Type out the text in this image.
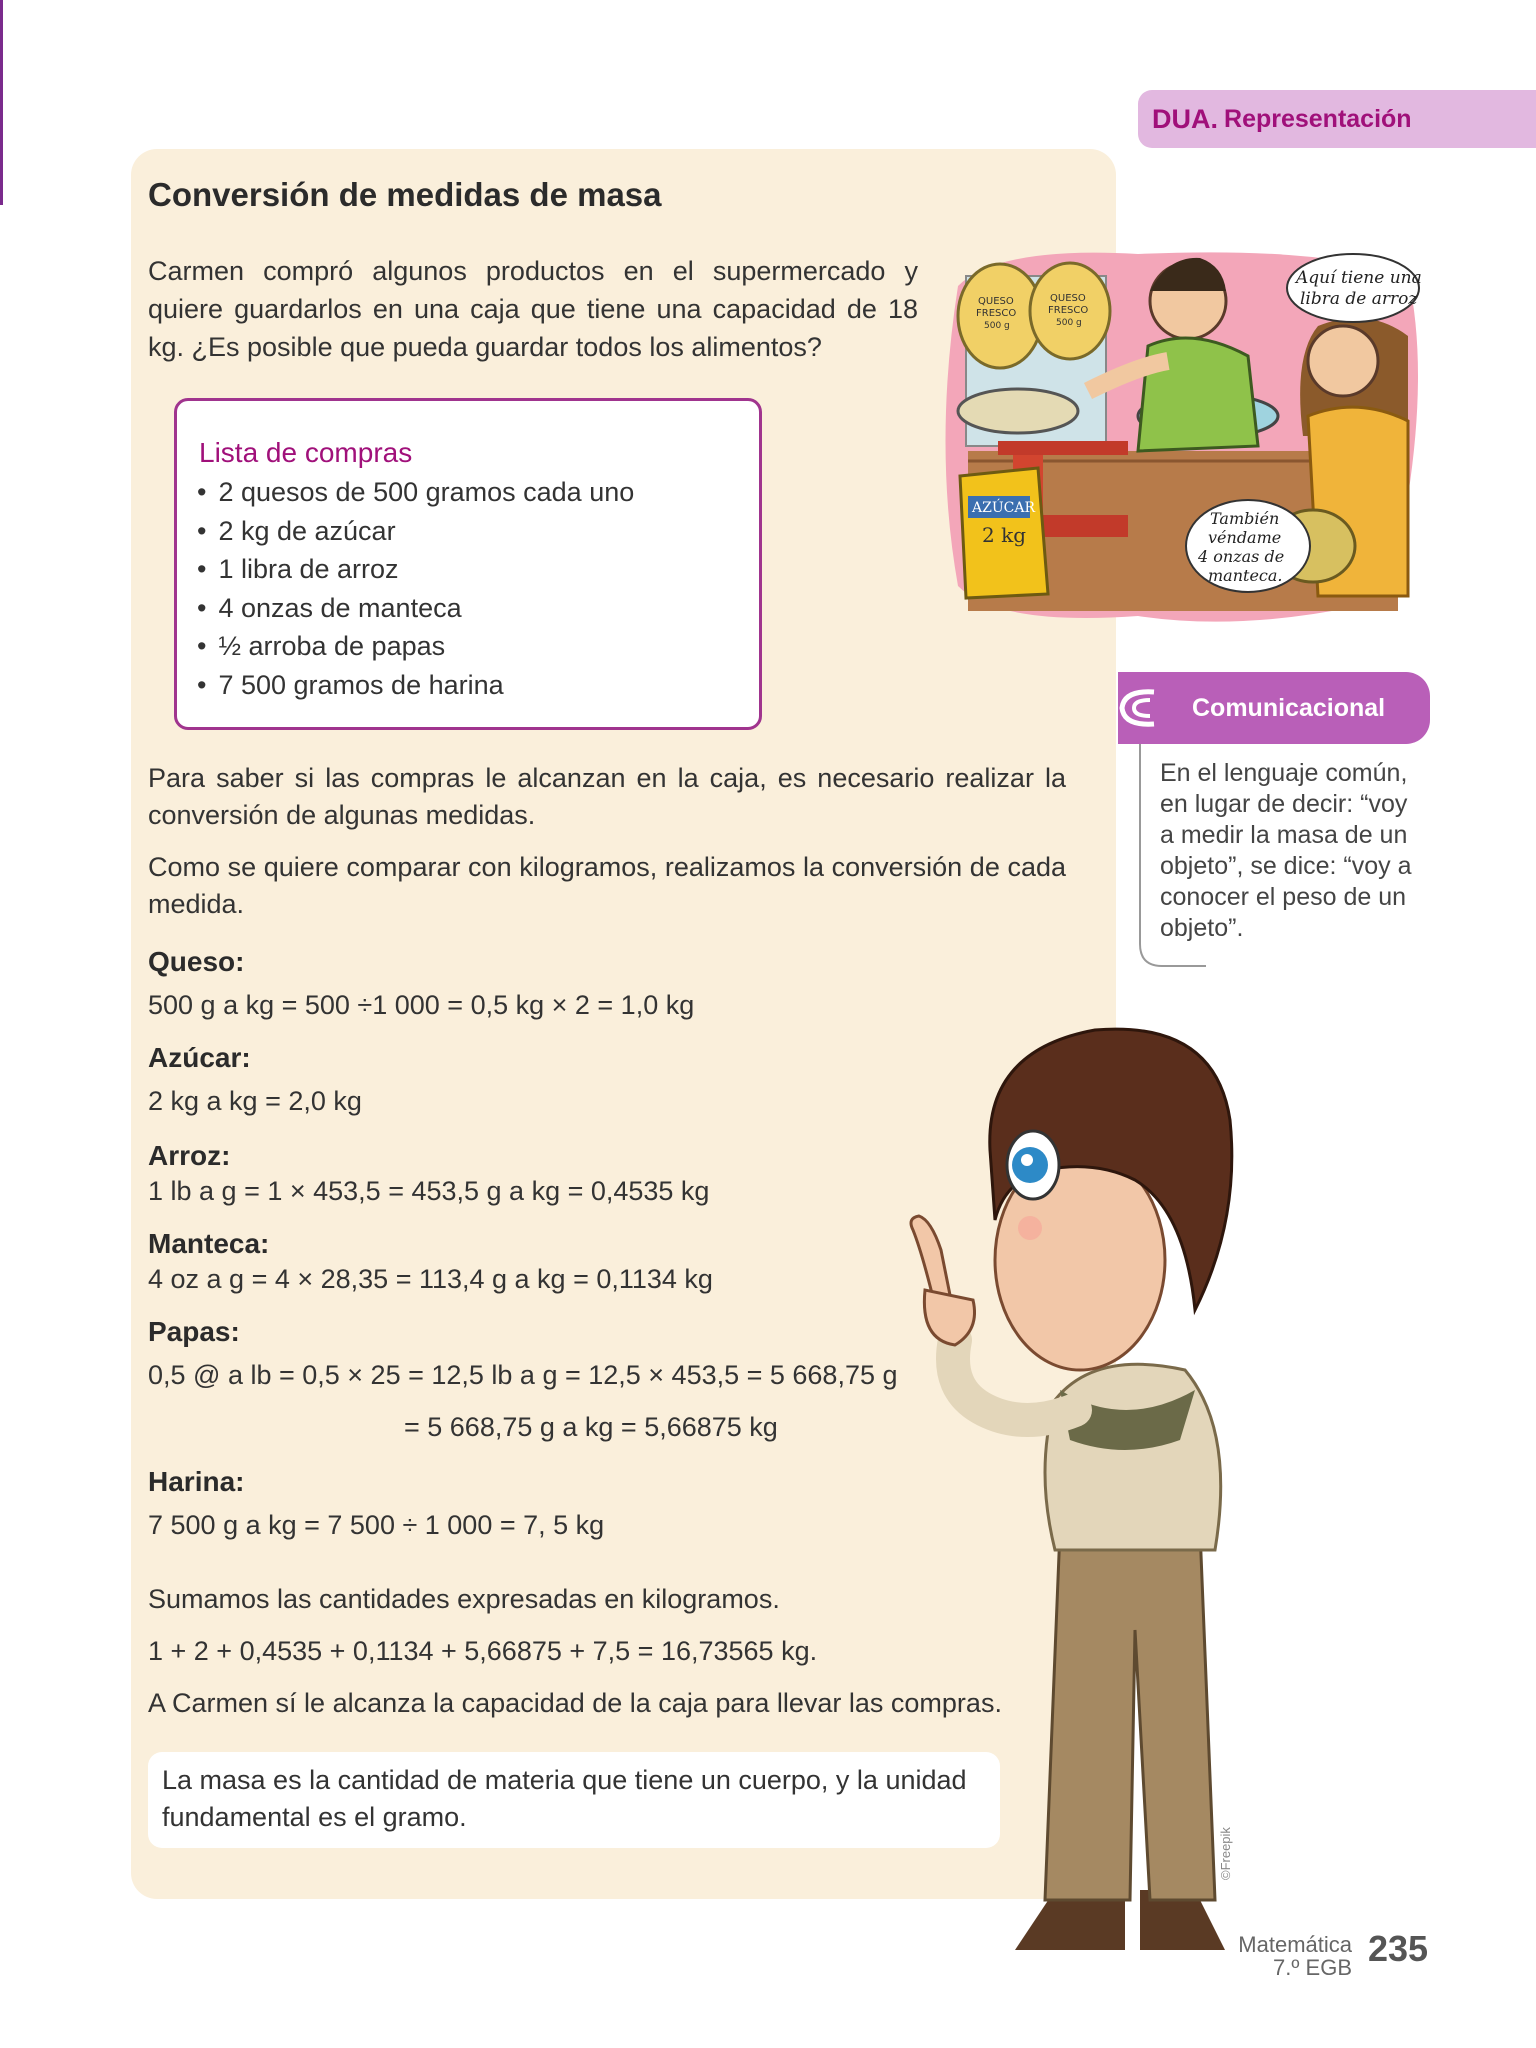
DUA . Representación
Conversión de medidas de masa
Carmen compró algunos productos en el supermercado y quiere guardarlos en una caja que tiene una capacidad de 18 kg. ¿Es posible que pueda guardar todos los alimentos?
Lista de compras
• 2 quesos de 500 gramos cada uno
• 2 kg de azúcar
• 1 libra de arroz
• 4 onzas de manteca
• ½ arroba de papas
• 7 500 gramos de harina
QUESO
FRESCO
500 g
QUESO
FRESCO
500 g
AZÚCAR
2 kg
Aquí tiene una
libra de arroz
También
véndame
4 onzas de
manteca.
Para saber si las compras le alcanzan en la caja, es necesario realizar la conversión de algunas medidas.
Como se quiere comparar con kilogramos, realizamos la conversión de cada medida.
Queso:
500 g a kg = 500 ÷1 000 = 0,5 kg × 2 = 1,0 kg
Azúcar:
2 kg a kg = 2,0 kg
Arroz:
1 lb a g = 1 × 453,5 = 453,5 g a kg = 0,4535 kg
Manteca:
4 oz a g = 4 × 28,35 = 113,4 g a kg = 0,1134 kg
Papas:
0,5 @ a lb = 0,5 × 25 = 12,5 lb a g = 12,5 × 453,5 = 5 668,75 g
= 5 668,75 g a kg = 5,66875 kg
Harina:
7 500 g a kg = 7 500 ÷ 1 000 = 7, 5 kg
Sumamos las cantidades expresadas en kilogramos.
1 + 2 + 0,4535 + 0,1134 + 5,66875 + 7,5 = 16,73565 kg.
A Carmen sí le alcanza la capacidad de la caja para llevar las compras.
La masa es la cantidad de materia que tiene un cuerpo, y la unidad fundamental es el gramo.
Comunicacional
En el lenguaje común, en lugar de decir: “voy a medir la masa de un objeto”, se dice: “voy a conocer el peso de un objeto”.
©Freepik
Matemática
7.º EGB 235
